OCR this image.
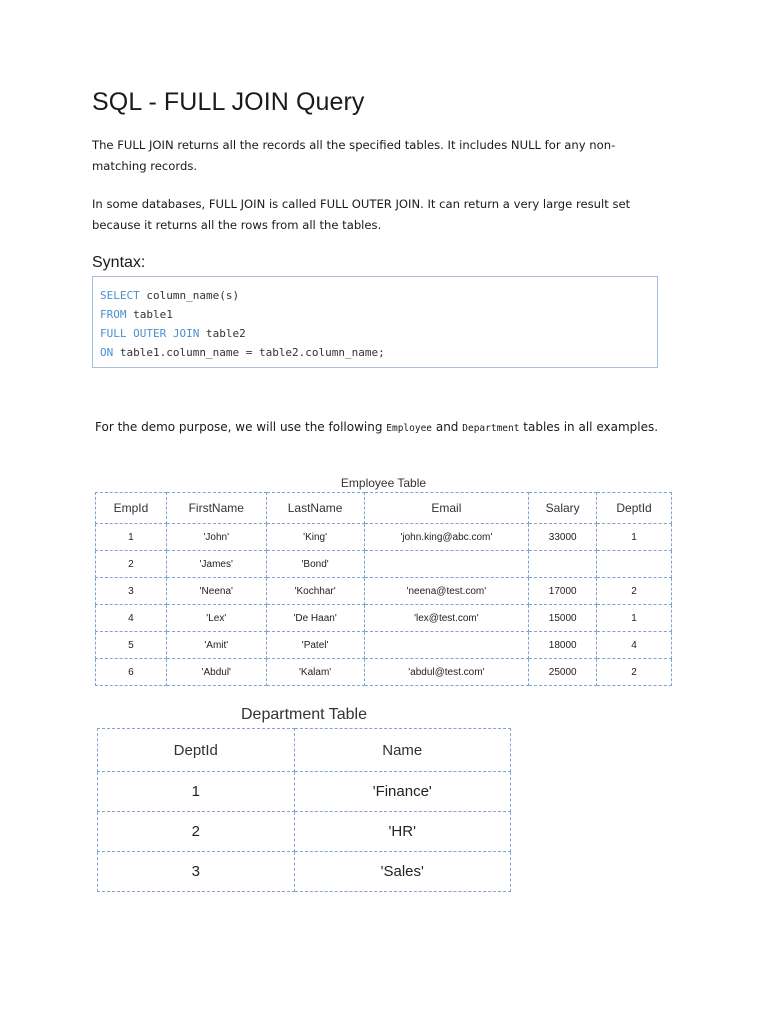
SQL - FULL JOIN Query
The FULL JOIN returns all the records all the specified tables. It includes NULL for any non-matching records.
In some databases, FULL JOIN is called FULL OUTER JOIN. It can return a very large result set because it returns all the rows from all the tables.
Syntax:
SELECT column_name(s)
FROM table1
FULL OUTER JOIN table2
ON table1.column_name = table2.column_name;
For the demo purpose, we will use the following Employee and Department tables in all examples.
Employee Table
EmpId	FirstName	LastName	Email	Salary	DeptId
1	'John'	'King'	'john.king@abc.com'	33000	1
2	'James'	'Bond'			
3	'Neena'	'Kochhar'	'neena@test.com'	17000	2
4	'Lex'	'De Haan'	'lex@test.com'	15000	1
5	'Amit'	'Patel'		18000	4
6	'Abdul'	'Kalam'	'abdul@test.com'	25000	2
Department Table
DeptId	Name
1	'Finance'
2	'HR'
3	'Sales'
